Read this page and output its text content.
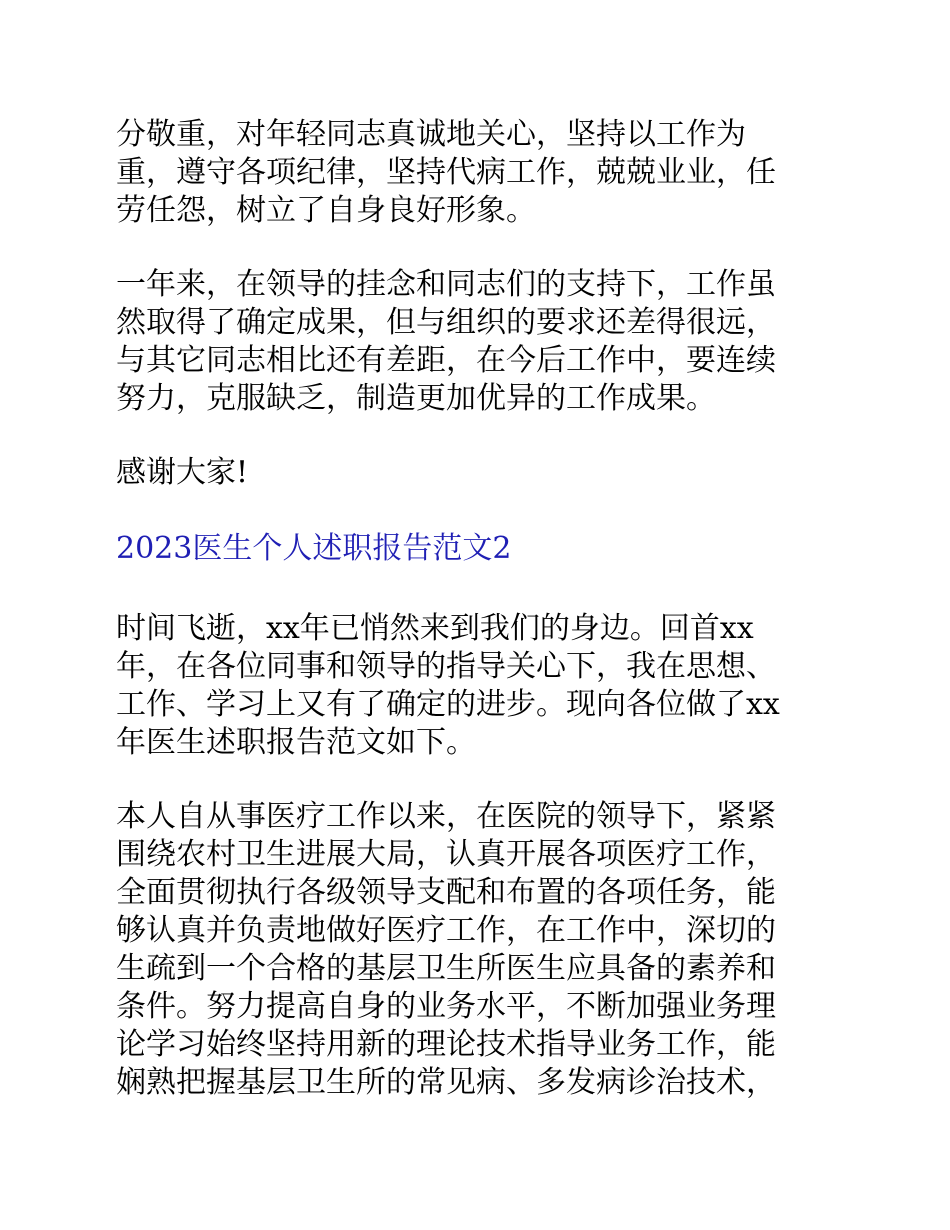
分敬重，对年轻同志真诚地关心，坚持以工作为
重，遵守各项纪律，坚持代病工作，兢兢业业，任
劳任怨，树立了自身良好形象。
一年来，在领导的挂念和同志们的支持下，工作虽
然取得了确定成果，但与组织的要求还差得很远，
与其它同志相比还有差距，在今后工作中，要连续
努力，克服缺乏，制造更加优异的工作成果。
感谢大家!
2023医生个人述职报告范文2
时间飞逝，xx年已悄然来到我们的身边。回首xx
年，在各位同事和领导的指导关心下，我在思想、
工作、学习上又有了确定的进步。现向各位做了xx
年医生述职报告范文如下。
本人自从事医疗工作以来，在医院的领导下，紧紧
围绕农村卫生进展大局，认真开展各项医疗工作，
全面贯彻执行各级领导支配和布置的各项任务，能
够认真并负责地做好医疗工作，在工作中，深切的
生疏到一个合格的基层卫生所医生应具备的素养和
条件。努力提高自身的业务水平，不断加强业务理
论学习始终坚持用新的理论技术指导业务工作，能
娴熟把握基层卫生所的常见病、多发病诊治技术，
